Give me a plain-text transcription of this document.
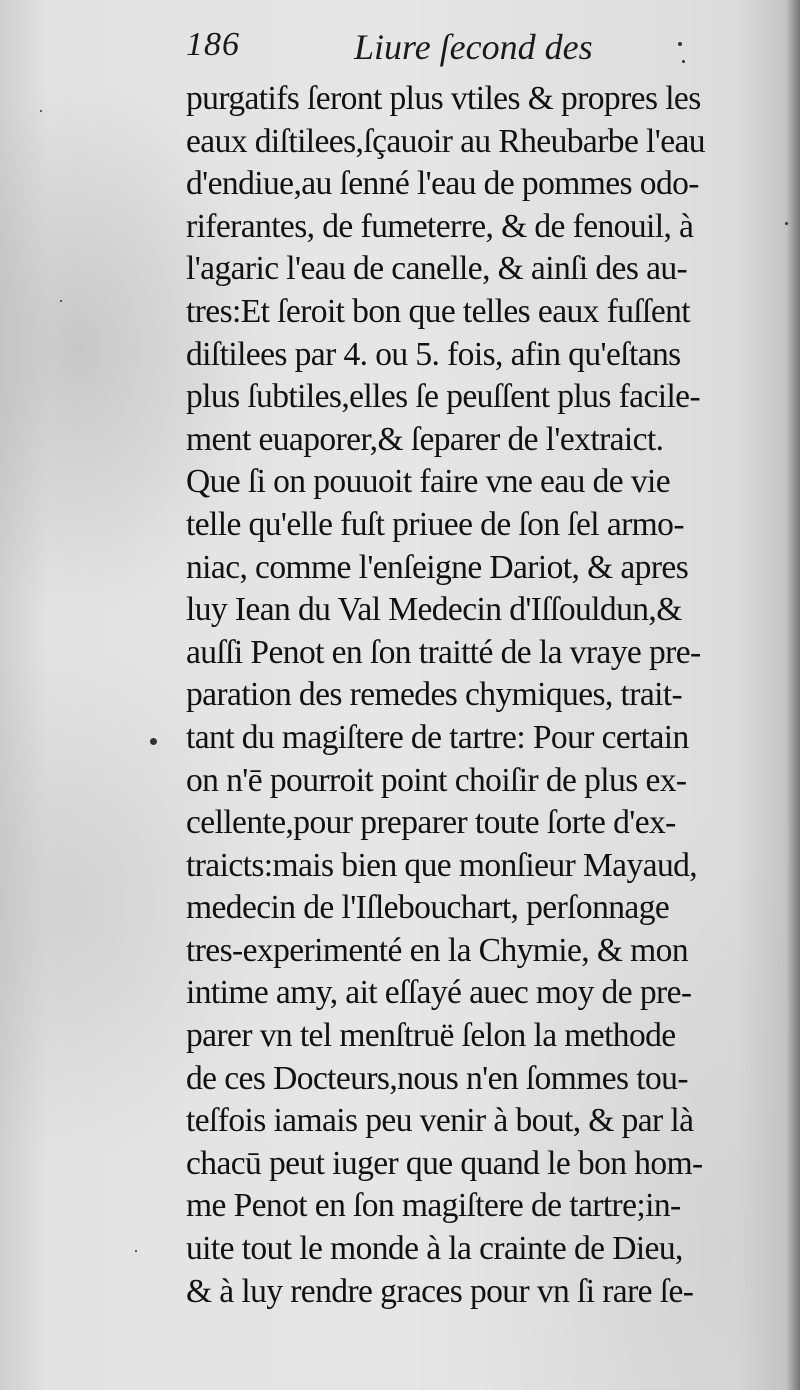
186	Liure ſecond des
purgatifs ſeront plus vtiles & propres les
eaux diſtilees,ſçauoir au Rheubarbe l'eau
d'endiue,au ſenné l'eau de pommes odo-
riferantes, de fumeterre, & de fenouil, à
l'agaric l'eau de canelle, & ainſi des au-
tres:Et ſeroit bon que telles eaux fuſſent
diſtilees par 4. ou 5. fois, afin qu'eſtans
plus ſubtiles,elles ſe peuſſent plus facile-
ment euaporer,& ſeparer de l'extraict.
Que ſi on pouuoit faire vne eau de vie
telle qu'elle fuſt priuee de ſon ſel armo-
niac, comme l'enſeigne Dariot, & apres
luy Iean du Val Medecin d'Iſſouldun,&
auſſi Penot en ſon traitté de la vraye pre-
paration des remedes chymiques, trait-
tant du magiſtere de tartre: Pour certain
on n'ē pourroit point choiſir de plus ex-
cellente,pour preparer toute ſorte d'ex-
traicts:mais bien que monſieur Mayaud,
medecin de l'Iſlebouchart, perſonnage
tres-experimenté en la Chymie, & mon
intime amy, ait eſſayé auec moy de pre-
parer vn tel menſtruë ſelon la methode
de ces Docteurs,nous n'en ſommes tou-
teſfois iamais peu venir à bout, & par là
chacū peut iuger que quand le bon hom-
me Penot en ſon magiſtere de tartre;in-
uite tout le monde à la crainte de Dieu,
& à luy rendre graces pour vn ſi rare ſe-
